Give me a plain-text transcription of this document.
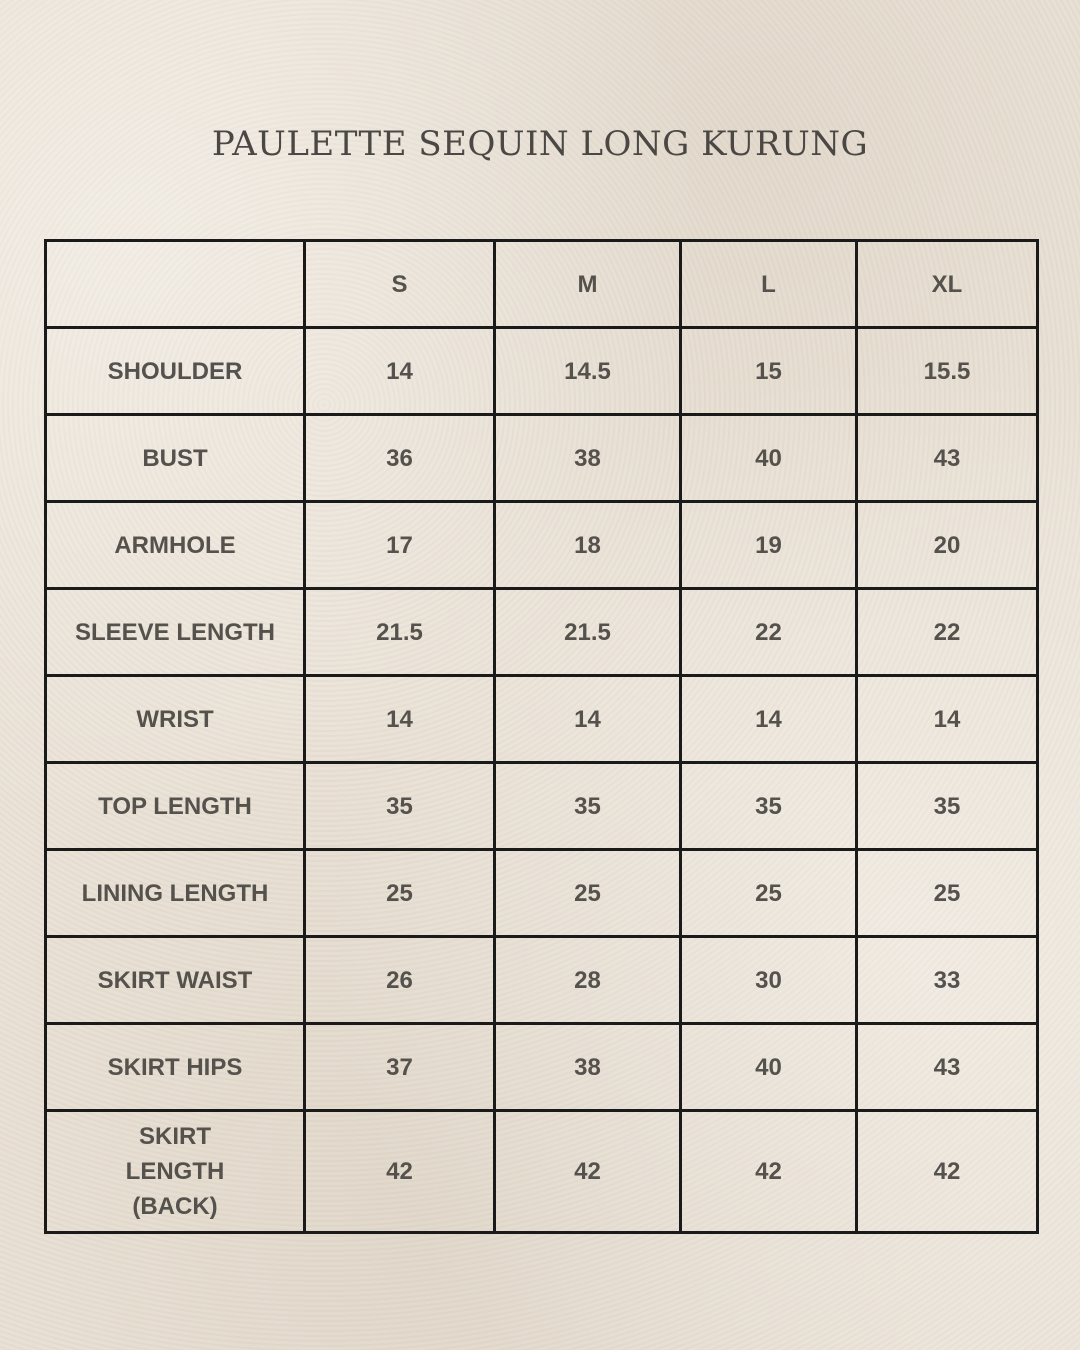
PAULETTE SEQUIN LONG KURUNG
	S	M	L	XL
SHOULDER	14	14.5	15	15.5
BUST	36	38	40	43
ARMHOLE	17	18	19	20
SLEEVE LENGTH	21.5	21.5	22	22
WRIST	14	14	14	14
TOP LENGTH	35	35	35	35
LINING LENGTH	25	25	25	25
SKIRT WAIST	26	28	30	33
SKIRT HIPS	37	38	40	43
SKIRT LENGTH (BACK)	42	42	42	42
